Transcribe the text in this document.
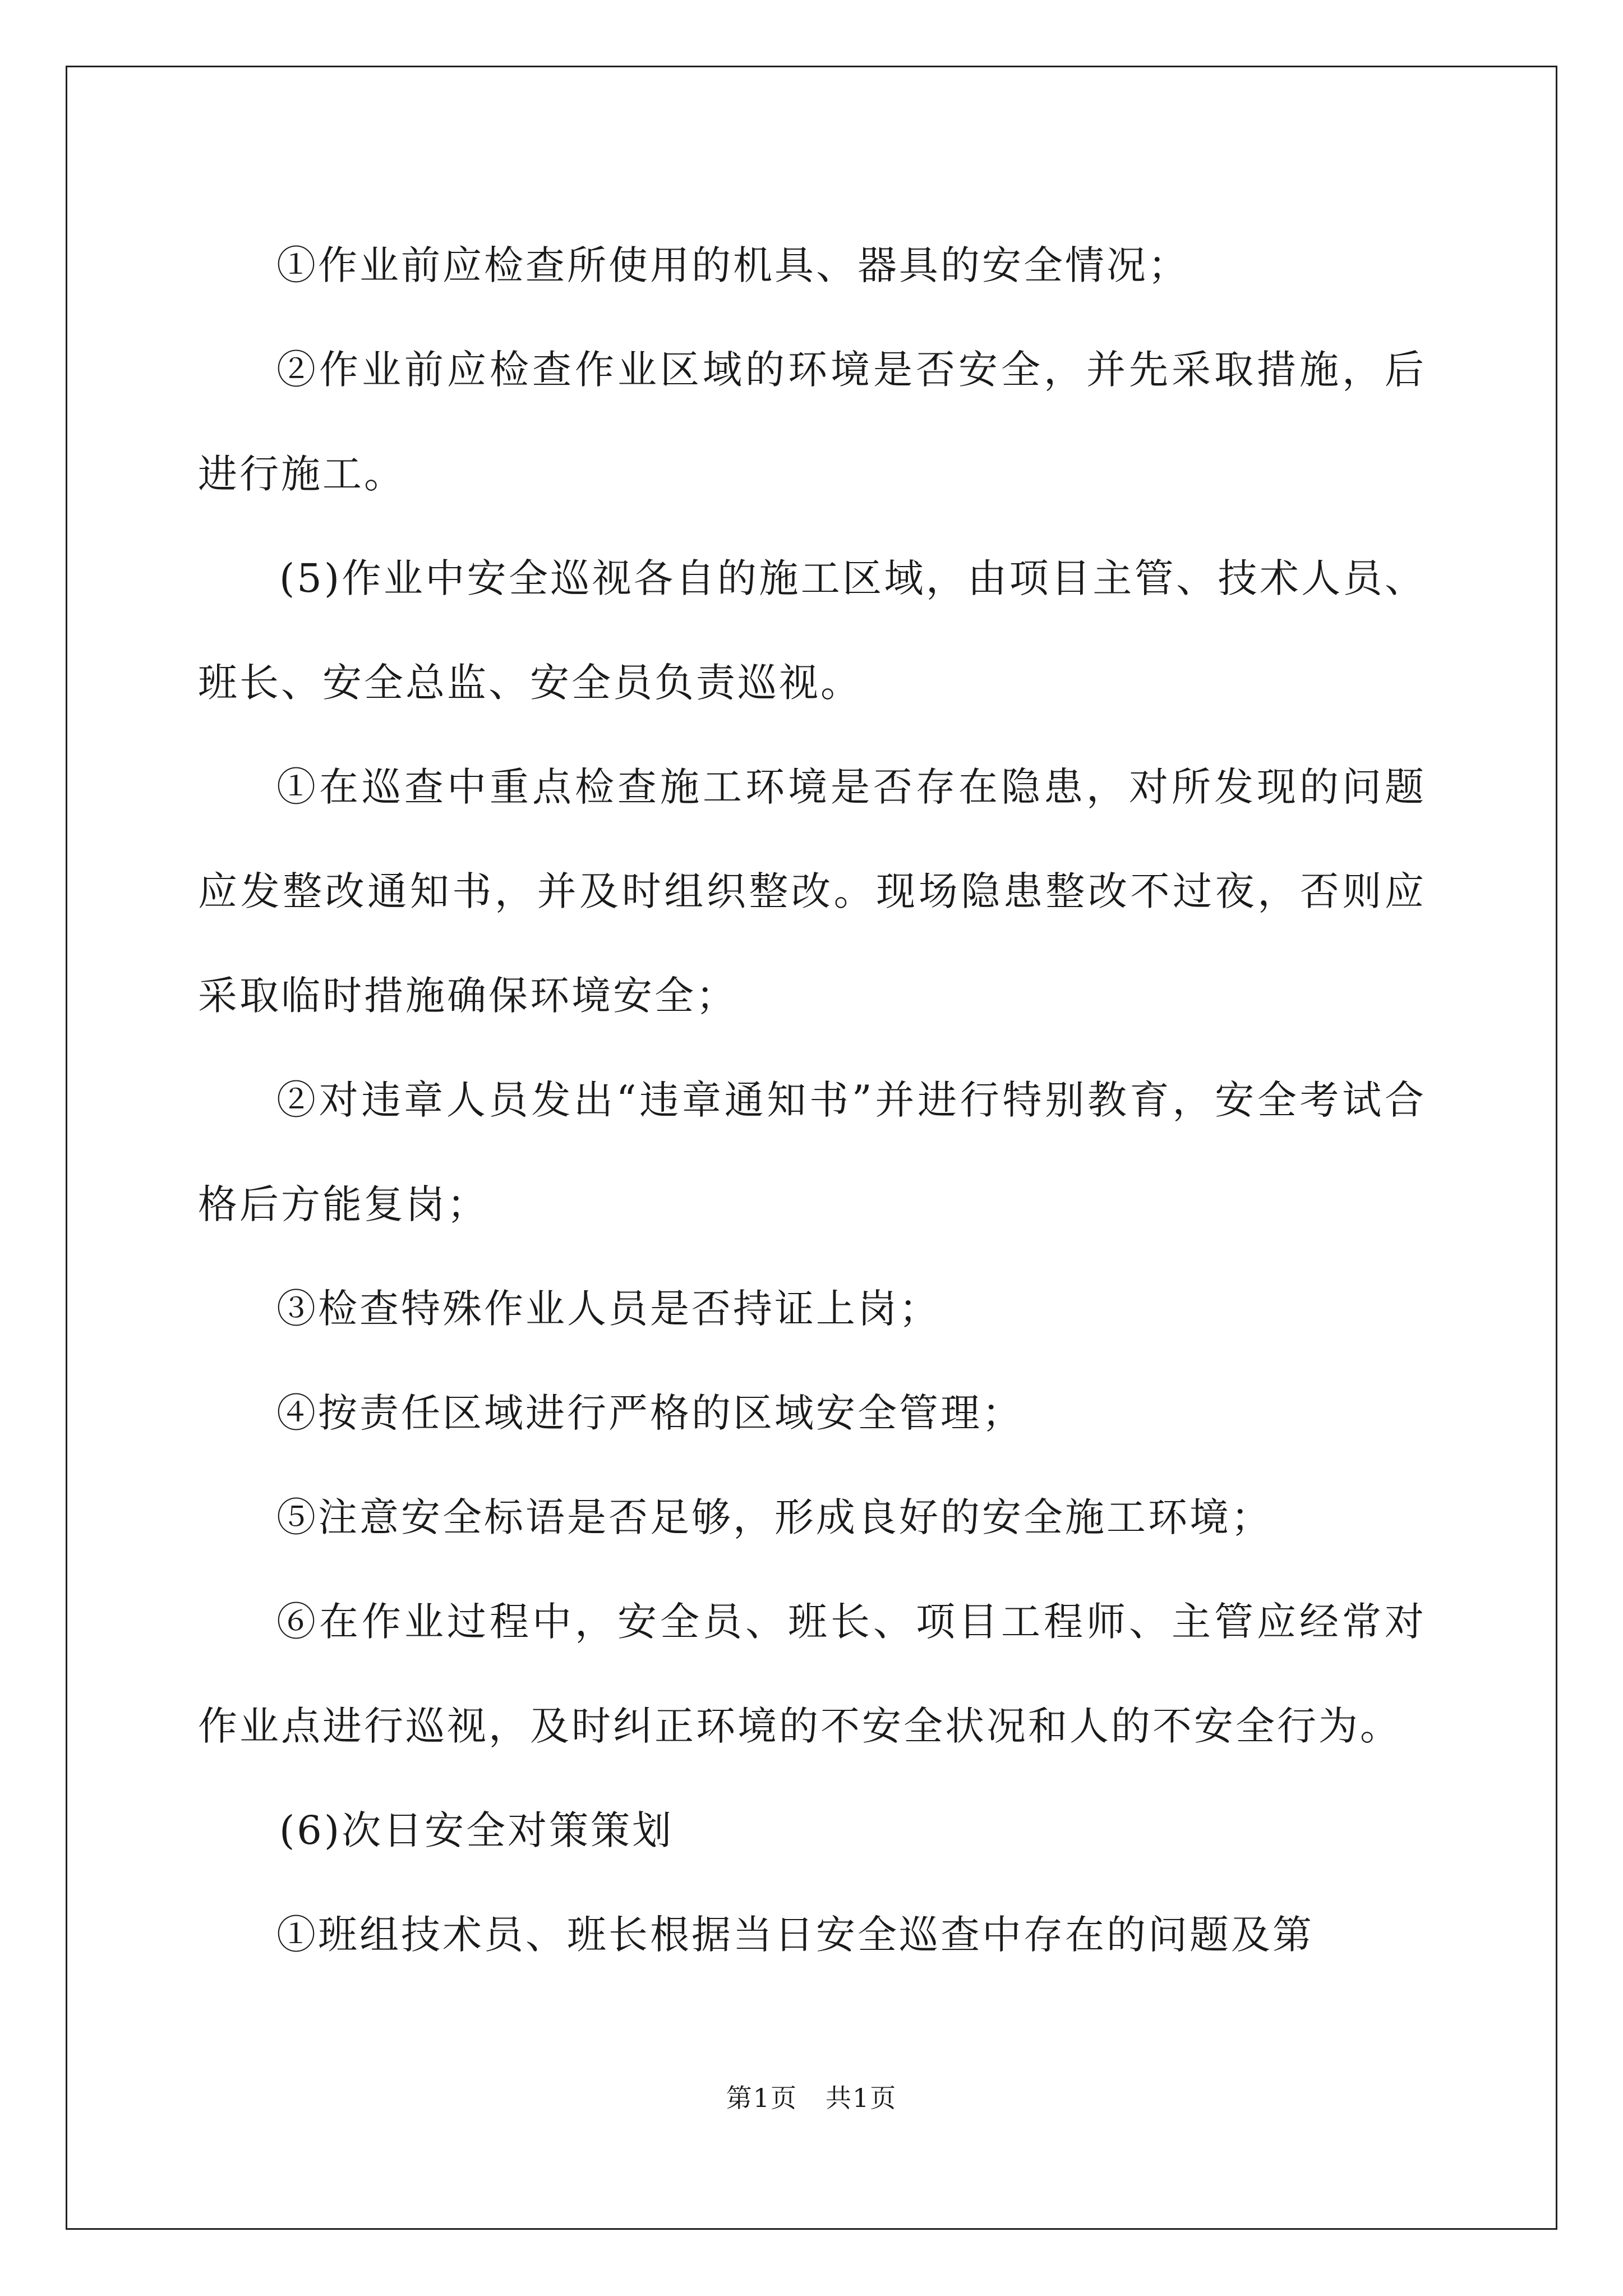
①作业前应检查所使用的机具、器具的安全情况；

②作业前应检查作业区域的环境是否安全，并先采取措施，后进行施工。

(5)作业中安全巡视各自的施工区域，由项目主管、技术人员、班长、安全总监、安全员负责巡视。

①在巡查中重点检查施工环境是否存在隐患，对所发现的问题应发整改通知书，并及时组织整改。现场隐患整改不过夜，否则应采取临时措施确保环境安全；

②对违章人员发出“违章通知书”并进行特别教育，安全考试合格后方能复岗；

③检查特殊作业人员是否持证上岗；

④按责任区域进行严格的区域安全管理；

⑤注意安全标语是否足够，形成良好的安全施工环境；

⑥在作业过程中，安全员、班长、项目工程师、主管应经常对作业点进行巡视，及时纠正环境的不安全状况和人的不安全行为。

(6)次日安全对策策划

①班组技术员、班长根据当日安全巡查中存在的问题及第

第1页 共1页
